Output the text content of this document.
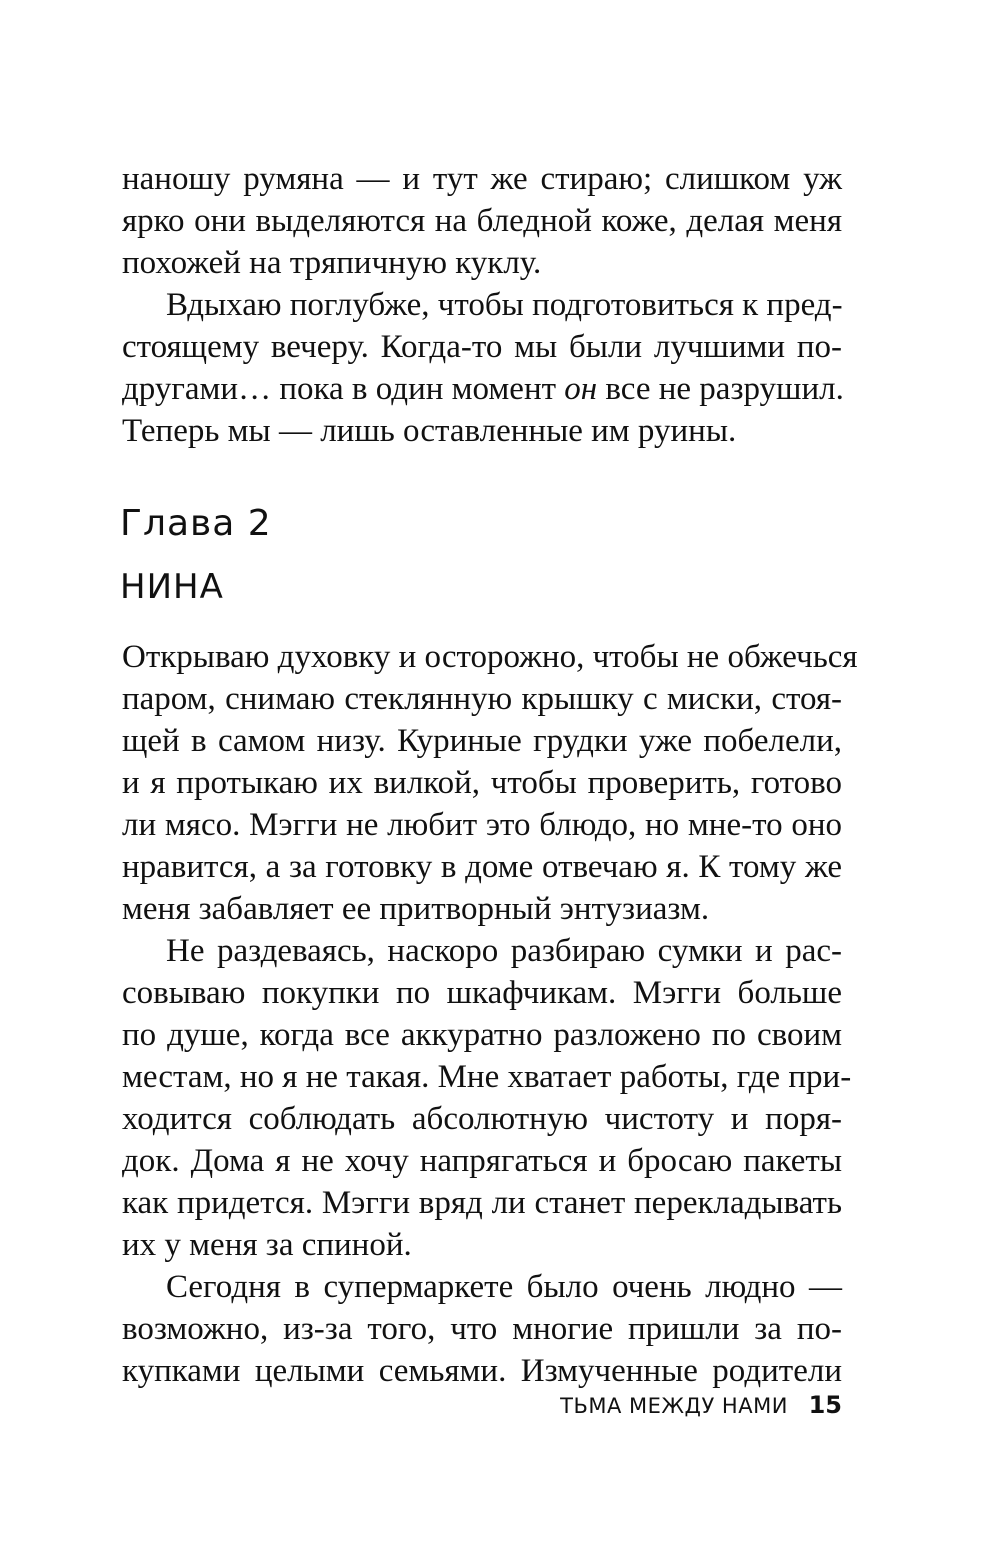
наношу румяна — и тут же стираю; слишком уж

ярко они выделяются на бледной коже, делая меня

похожей на тряпичную куклу.

Вдыхаю поглубже, чтобы подготовиться к пред-

стоящему вечеру. Когда-то мы были лучшими по-

другами… пока в один момент он все не разрушил.

Теперь мы — лишь оставленные им руины.

Глава 2
НИНА

Открываю духовку и осторожно, чтобы не обжечься

паром, снимаю стеклянную крышку с миски, стоя-

щей в самом низу. Куриные грудки уже побелели,

и я протыкаю их вилкой, чтобы проверить, готово

ли мясо. Мэгги не любит это блюдо, но мне-то оно

нравится, а за готовку в доме отвечаю я. К тому же

меня забавляет ее притворный энтузиазм.

Не раздеваясь, наскоро разбираю сумки и рас-

совываю покупки по шкафчикам. Мэгги больше

по душе, когда все аккуратно разложено по своим

местам, но я не такая. Мне хватает работы, где при-

ходится соблюдать абсолютную чистоту и поря-

док. Дома я не хочу напрягаться и бросаю пакеты

как придется. Мэгги вряд ли станет перекладывать

их у меня за спиной.

Сегодня в супермаркете было очень людно —

возможно, из-за того, что многие пришли за по-

купками целыми семьями. Измученные родители

ТЬМА МЕЖДУ НАМИ 15
